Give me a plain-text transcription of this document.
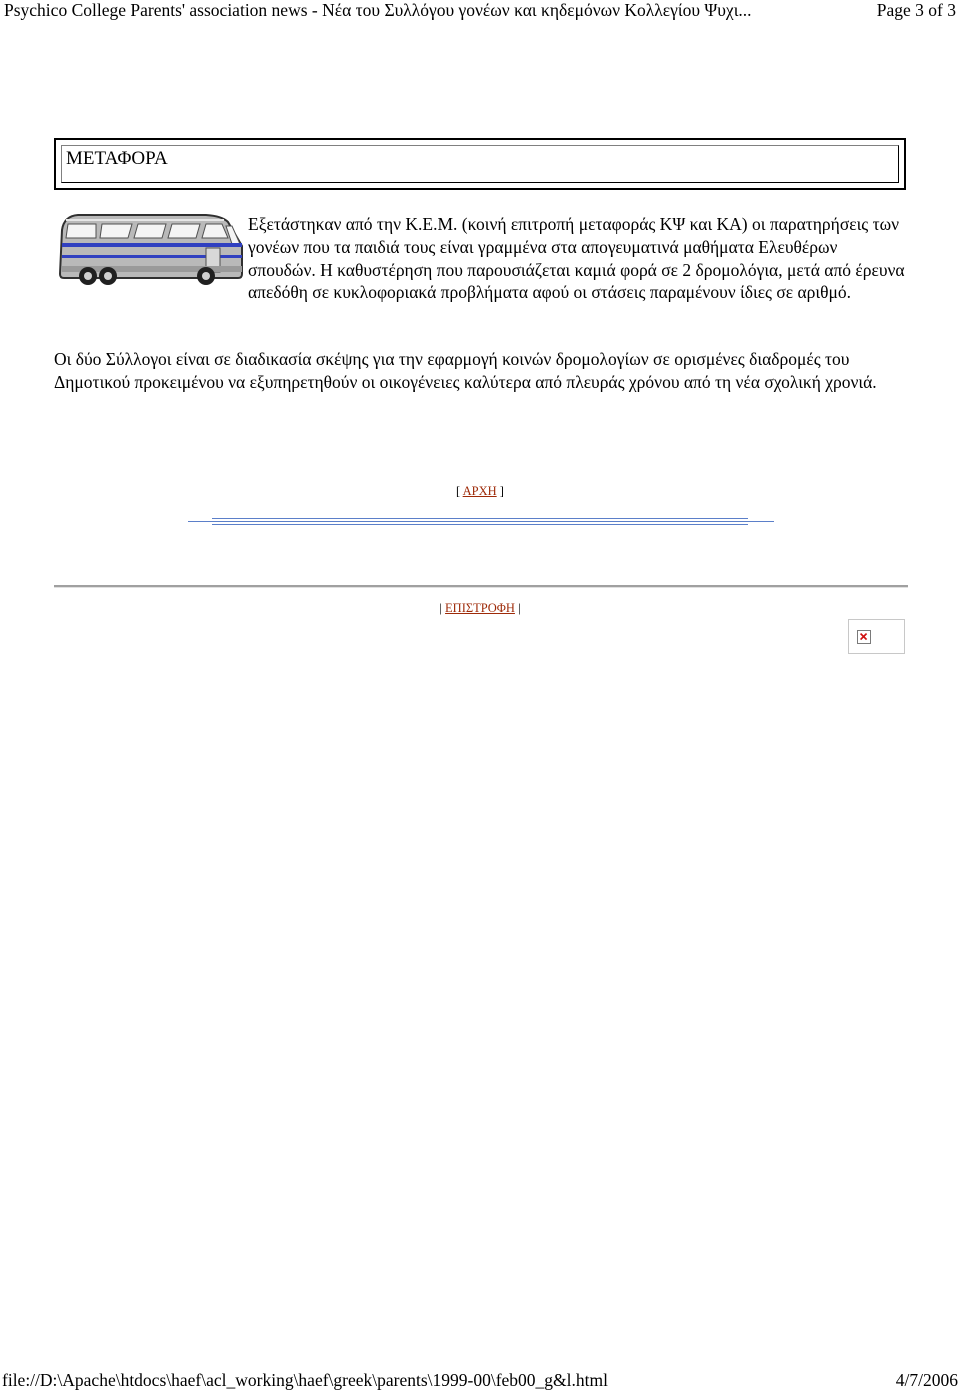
Psychico College Parents' association news - Νέα του Συλλόγου γονέων και κηδεμόνων Κολλεγίου Ψυχι...	Page 3 of 3
ΜΕΤΑΦΟΡΑ
Εξετάστηκαν από την Κ.Ε.Μ. (κοινή επιτροπή μεταφοράς ΚΨ και ΚΑ) οι παρατηρήσεις των γονέων που τα παιδιά τους είναι γραμμένα στα απογευματινά μαθήματα Ελευθέρων σπουδών. Η καθυστέρηση που παρουσιάζεται καμιά φορά σε 2 δρομολόγια, μετά από έρευνα απεδόθη σε κυκλοφοριακά προβλήματα αφού οι στάσεις παραμένουν ίδιες σε αριθμό.
Οι δύο Σύλλογοι είναι σε διαδικασία σκέψης για την εφαρμογή κοινών δρομολογίων σε ορισμένες διαδρομές του Δημοτικού προκειμένου να εξυπηρετηθούν οι οικογένειες καλύτερα από πλευράς χρόνου από τη νέα σχολική χρονιά.
[ ΑΡΧΗ ]
| ΕΠΙΣΤΡΟΦΗ |
file://D:\Apache\htdocs\haef\acl_working\haef\greek\parents\1999-00\feb00_g&l.html	4/7/2006
